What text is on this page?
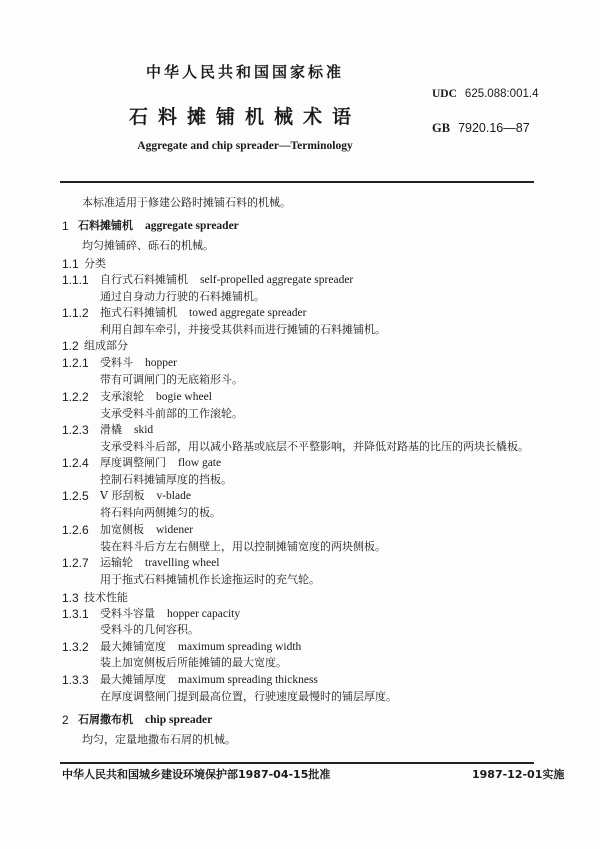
中华人民共和国国家标准
UDC 625.088:001.4
石料摊铺机械术语	GB 7920.16—87
Aggregate and chip spreader—Terminology
本标准适用于修建公路时摊铺石料的机械。
1 石料摊铺机 aggregate spreader
均匀摊铺碎、砾石的机械。
1.1 分类
1.1.1 自行式石料摊铺机 self-propelled aggregate spreader
通过自身动力行驶的石料摊铺机。
1.1.2 拖式石料摊铺机 towed aggregate spreader
利用自卸车牵引，并接受其供料而进行摊铺的石料摊铺机。
1.2 组成部分
1.2.1 受料斗 hopper
带有可调闸门的无底箱形斗。
1.2.2 支承滚轮 bogie wheel
支承受料斗前部的工作滚轮。
1.2.3 滑橇 skid
支承受料斗后部，用以减小路基或底层不平整影响，并降低对路基的比压的两块长橇板。
1.2.4 厚度调整闸门 flow gate
控制石料摊铺厚度的挡板。
1.2.5 V 形刮板 v-blade
将石料向两侧摊匀的板。
1.2.6 加宽侧板 widener
装在料斗后方左右侧壁上，用以控制摊铺宽度的两块侧板。
1.2.7 运输轮 travelling wheel
用于拖式石料摊铺机作长途拖运时的充气轮。
1.3 技术性能
1.3.1 受料斗容量 hopper capacity
受料斗的几何容积。
1.3.2 最大摊铺宽度 maximum spreading width
装上加宽侧板后所能摊铺的最大宽度。
1.3.3 最大摊铺厚度 maximum spreading thickness
在厚度调整闸门提到最高位置，行驶速度最慢时的铺层厚度。
2 石屑撒布机 chip spreader
均匀，定量地撒布石屑的机械。
中华人民共和国城乡建设环境保护部1987-04-15批准	1987-12-01实施
